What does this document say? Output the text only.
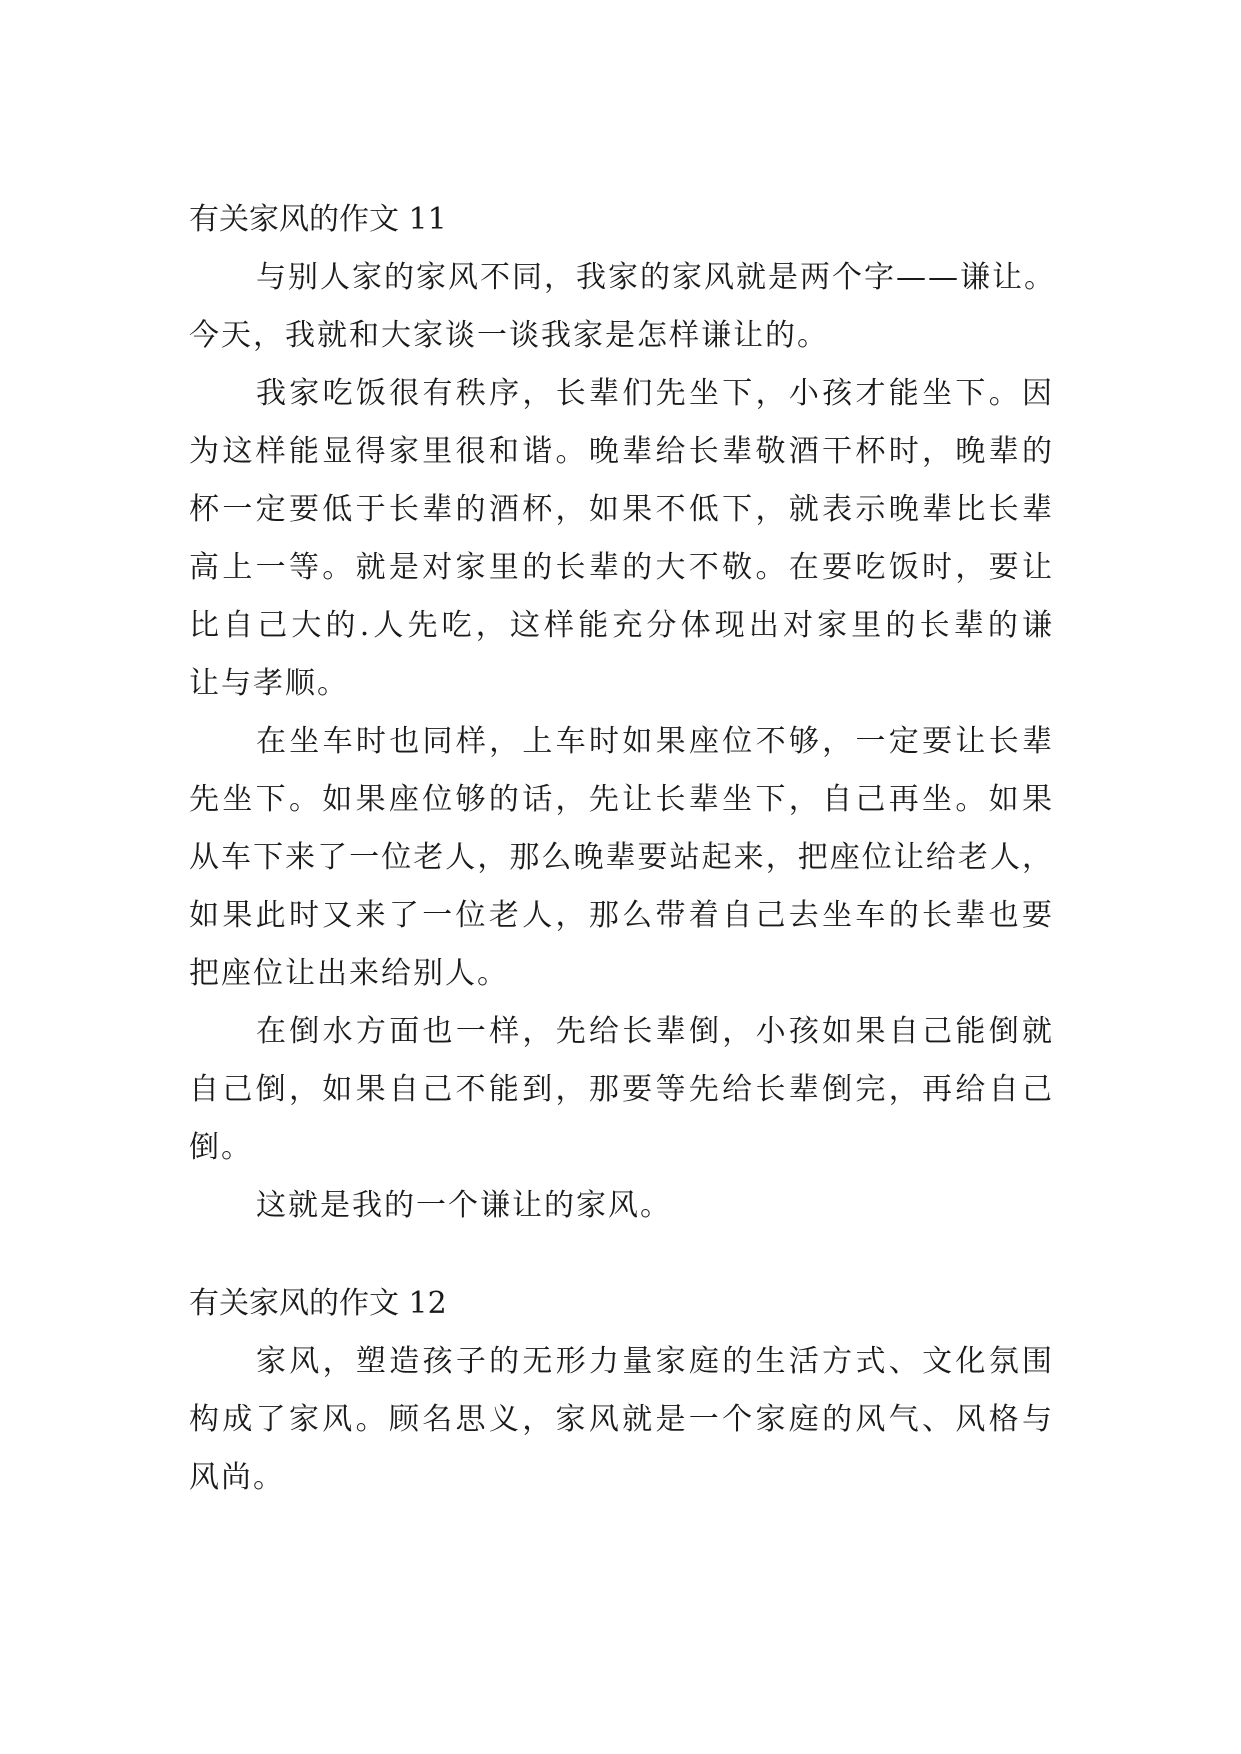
有关家风的作文 11
与别人家的家风不同，我家的家风就是两个字——谦让。
今天，我就和大家谈一谈我家是怎样谦让的。
我家吃饭很有秩序，长辈们先坐下，小孩才能坐下。因
为这样能显得家里很和谐。晚辈给长辈敬酒干杯时，晚辈的
杯一定要低于长辈的酒杯，如果不低下，就表示晚辈比长辈
高上一等。就是对家里的长辈的大不敬。在要吃饭时，要让
比自己大的.人先吃，这样能充分体现出对家里的长辈的谦
让与孝顺。
在坐车时也同样，上车时如果座位不够，一定要让长辈
先坐下。如果座位够的话，先让长辈坐下，自己再坐。如果
从车下来了一位老人，那么晚辈要站起来，把座位让给老人，
如果此时又来了一位老人，那么带着自己去坐车的长辈也要
把座位让出来给别人。
在倒水方面也一样，先给长辈倒，小孩如果自己能倒就
自己倒，如果自己不能到，那要等先给长辈倒完，再给自己
倒。
这就是我的一个谦让的家风。
有关家风的作文 12
家风，塑造孩子的无形力量家庭的生活方式、文化氛围
构成了家风。顾名思义，家风就是一个家庭的风气、风格与
风尚。
